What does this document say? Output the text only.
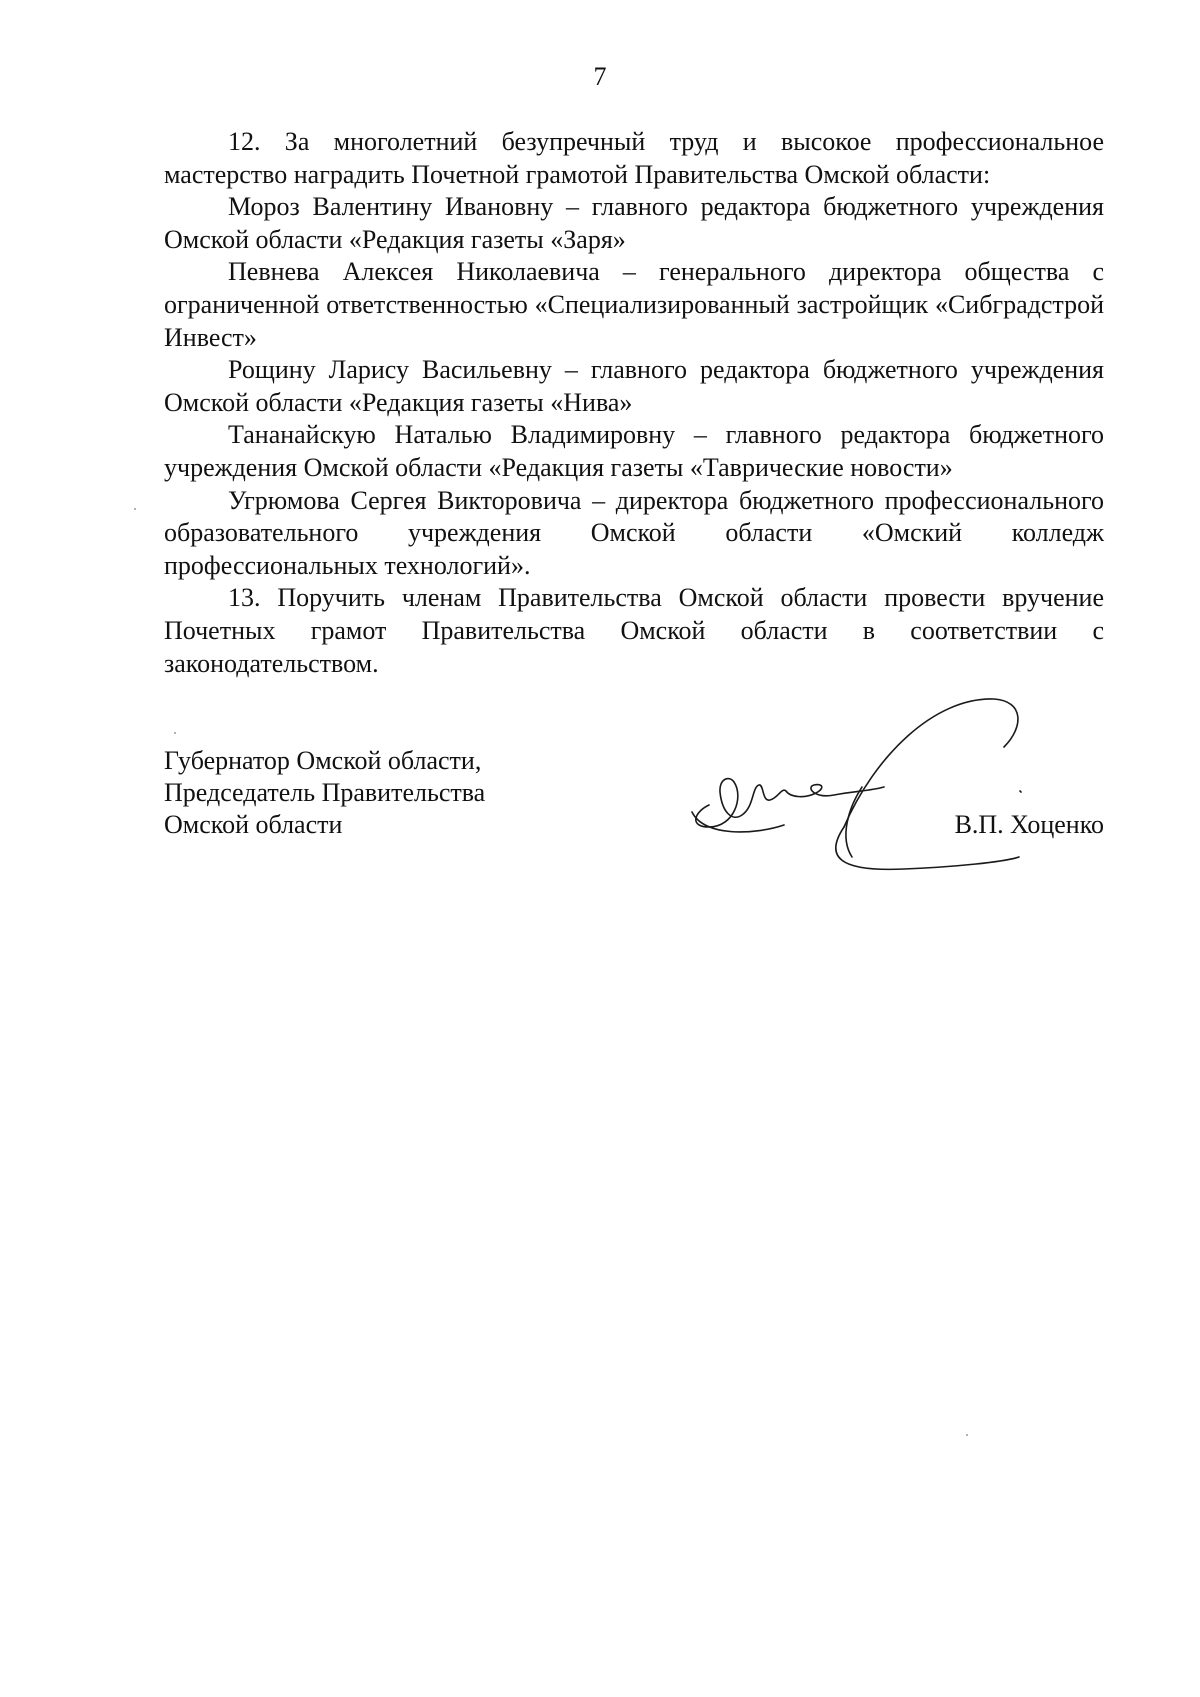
7

12. За многолетний безупречный труд и высокое профессиональное мастерство наградить Почетной грамотой Правительства Омской области:

Мороз Валентину Ивановну – главного редактора бюджетного учреждения Омской области «Редакция газеты «Заря»

Певнева Алексея Николаевича – генерального директора общества с ограниченной ответственностью «Специализированный застройщик «Сибградстрой Инвест»

Рощину Ларису Васильевну – главного редактора бюджетного учреждения Омской области «Редакция газеты «Нива»

Тананайскую Наталью Владимировну – главного редактора бюджетного учреждения Омской области «Редакция газеты «Таврические новости»

Угрюмова Сергея Викторовича – директора бюджетного профессионального образовательного учреждения Омской области «Омский колледж профессиональных технологий».

13. Поручить членам Правительства Омской области провести вручение Почетных грамот Правительства Омской области в соответствии с законодательством.

Губернатор Омской области,
Председатель Правительства
Омской области	В.П. Хоценко
